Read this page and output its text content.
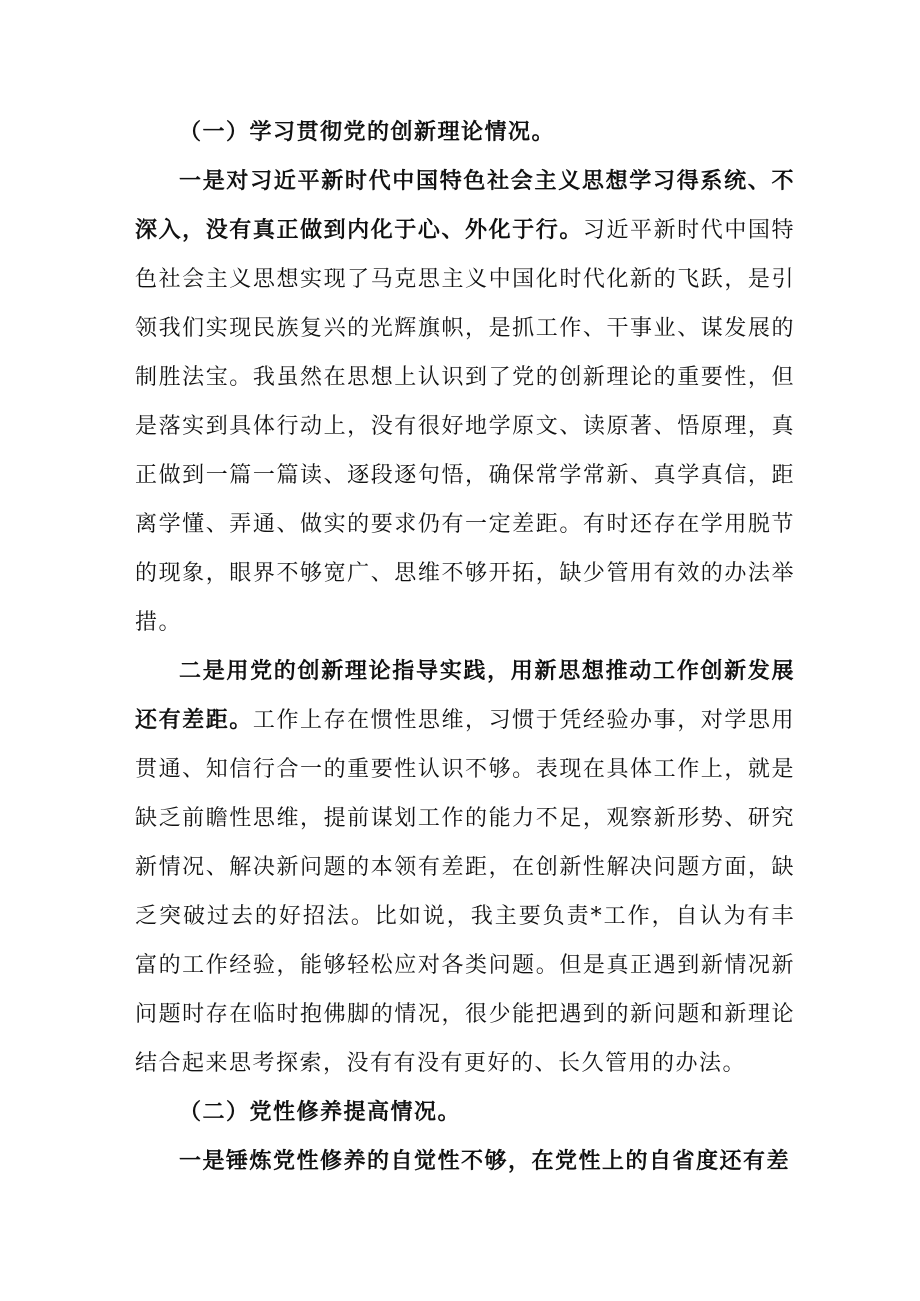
（一）学习贯彻党的创新理论情况。

一是对习近平新时代中国特色社会主义思想学习得系统、不深入，没有真正做到内化于心、外化于行。习近平新时代中国特色社会主义思想实现了马克思主义中国化时代化新的飞跃，是引领我们实现民族复兴的光辉旗帜，是抓工作、干事业、谋发展的制胜法宝。我虽然在思想上认识到了党的创新理论的重要性，但是落实到具体行动上，没有很好地学原文、读原著、悟原理，真正做到一篇一篇读、逐段逐句悟，确保常学常新、真学真信，距离学懂、弄通、做实的要求仍有一定差距。有时还存在学用脱节的现象，眼界不够宽广、思维不够开拓，缺少管用有效的办法举措。

二是用党的创新理论指导实践，用新思想推动工作创新发展还有差距。工作上存在惯性思维，习惯于凭经验办事，对学思用贯通、知信行合一的重要性认识不够。表现在具体工作上，就是缺乏前瞻性思维，提前谋划工作的能力不足，观察新形势、研究新情况、解决新问题的本领有差距，在创新性解决问题方面，缺乏突破过去的好招法。比如说，我主要负责*工作，自认为有丰富的工作经验，能够轻松应对各类问题。但是真正遇到新情况新问题时存在临时抱佛脚的情况，很少能把遇到的新问题和新理论结合起来思考探索，没有有没有更好的、长久管用的办法。

（二）党性修养提高情况。

一是锤炼党性修养的自觉性不够，在党性上的自省度还有差
